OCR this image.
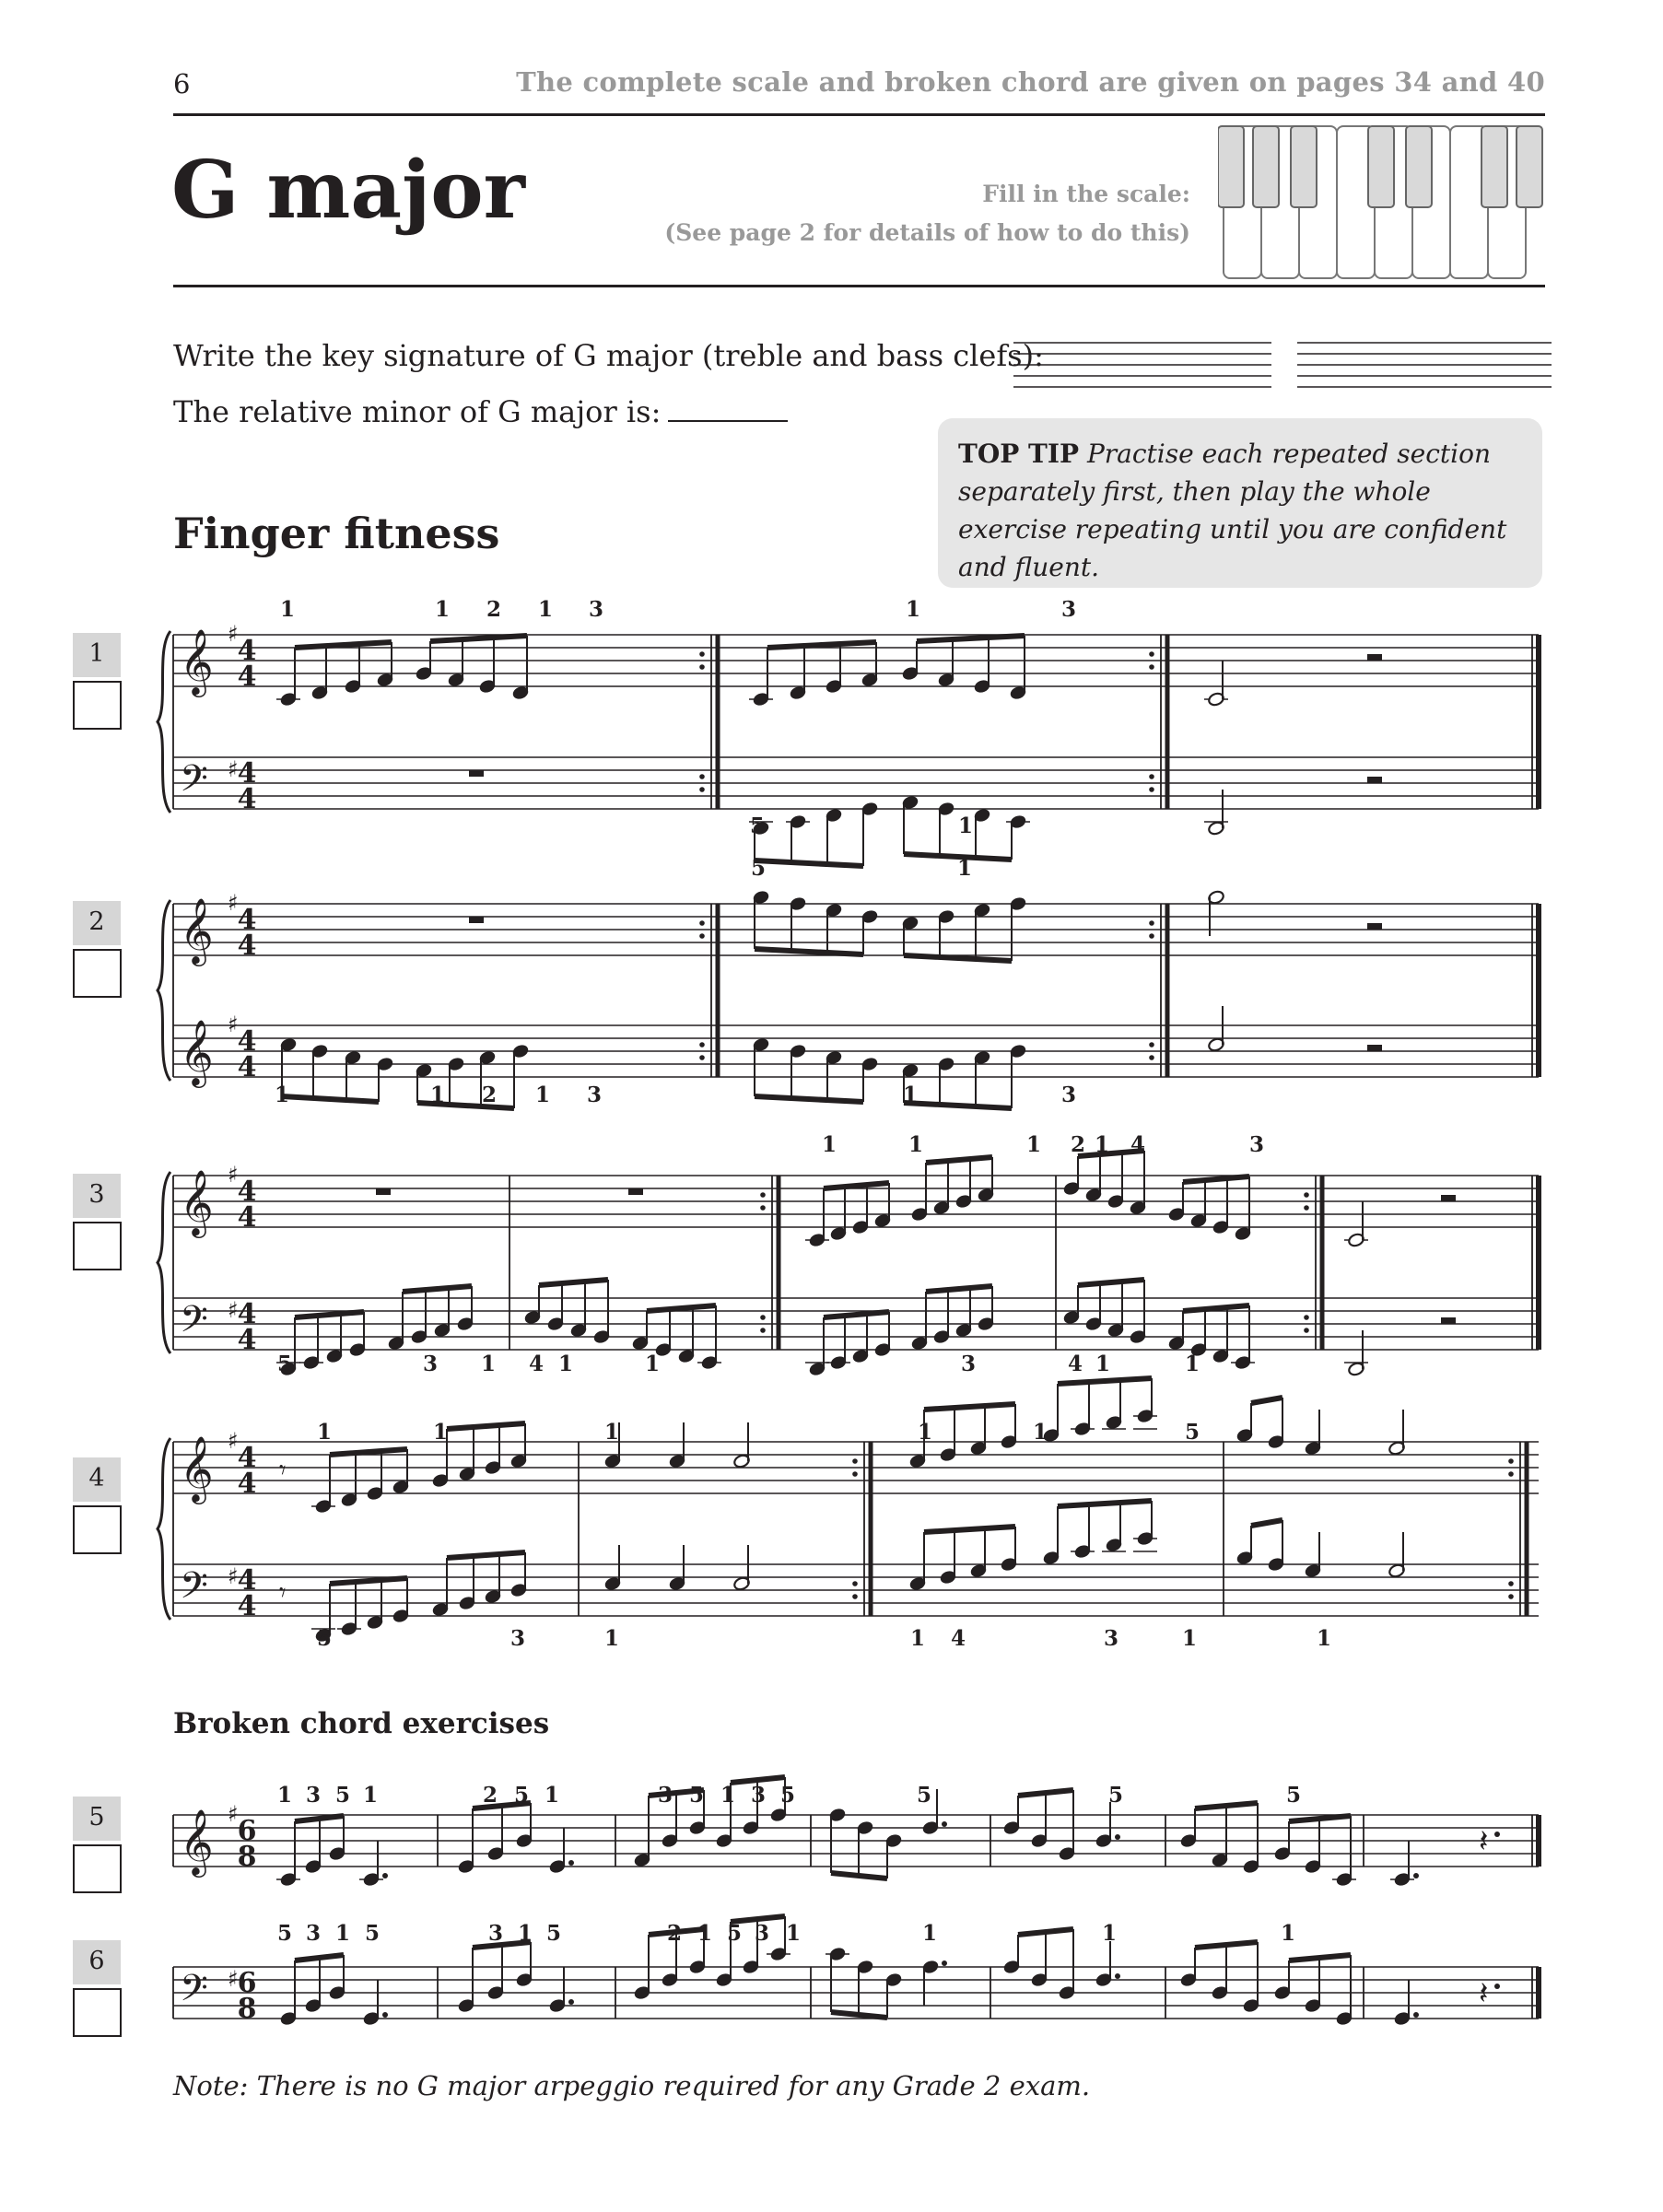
6	The complete scale and broken chord are given on pages 34 and 40
G major	Fill in the scale:
(See page 2 for details of how to do this)
Write the key signature of G major (treble and bass clefs):
The relative minor of G major is:
TOP TIP Practise each repeated section separately first, then play the whole exercise repeating until you are confident and fluent.
Finger fitness
Broken chord exercises
1
2
3
4
5
6
𝄞 ♯
4
4
𝄢 ♯
4
4
1	1 2 1 3	1	3
5	1
𝄞 ♯
4
4
𝄞 ♯
4
4
5	1
1	1 2 1 3	1	3
𝄞 ♯
4
4
𝄢 ♯
4
4
1	1	1 2 1 4	3
5	3 1 4 1	1	3	4 1	1
𝄞 ♯
4
4
𝄢 ♯
4
4
𝄾
𝄾
1	1	1	1	1	5
5	3	1	1 4	3	1	1
𝄞 ♯
6
8	𝄽
1 3 5 1	2 5 1	3 5 1 3 5	5	5	5
𝄢 ♯
6
8	𝄽
5 3 1 5	3 1 5	2 1 5 3 1	1	1	1
Note: There is no G major arpeggio required for any Grade 2 exam.
